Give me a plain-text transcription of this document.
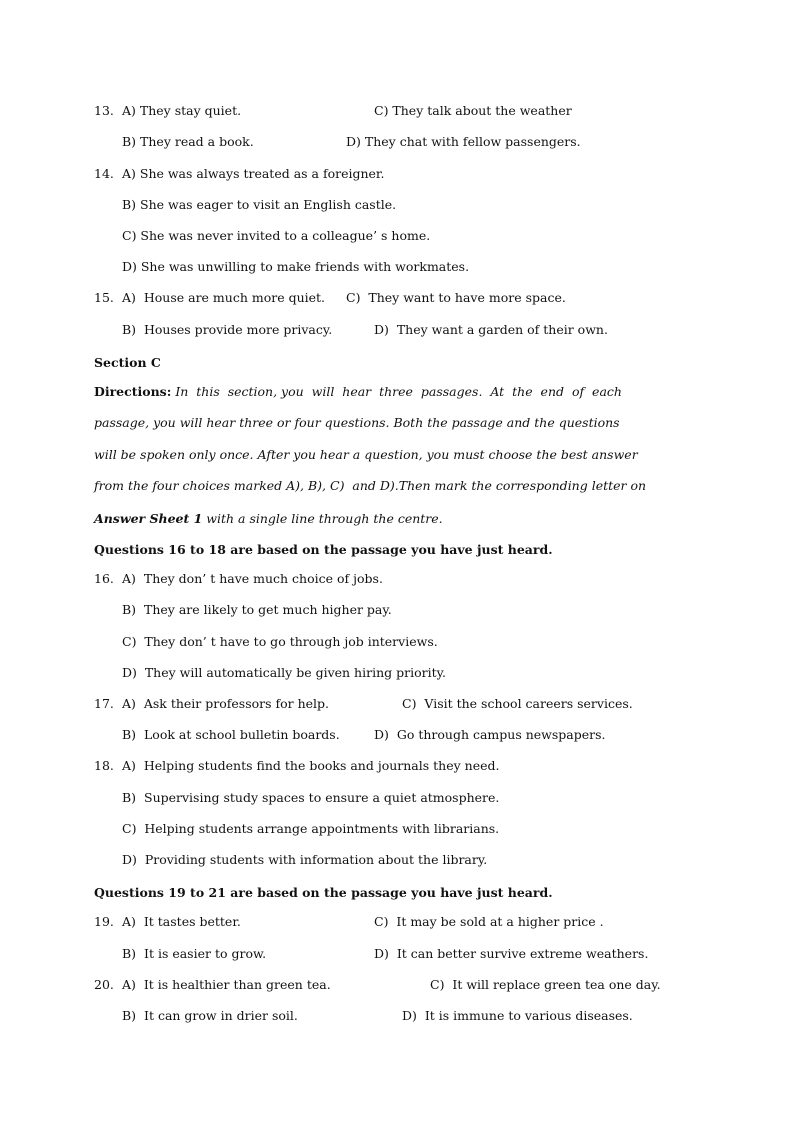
13. A) They stay quiet.	C) They talk about the weather
B) They read a book.	D) They chat with fellow passengers.
14. A) She was always treated as a foreigner.
B) She was eager to visit an English castle.
C) She was never invited to a colleague’ s home.
D) She was unwilling to make friends with workmates.
15. A)  House are much more quiet. C)  They want to have more space.
B)  Houses provide more privacy.	D)  They want a garden of their own.
Section C
Directions: In  this  section, you  will  hear  three  passages.  At  the  end  of  each
passage, you will hear three or four questions. Both the passage and the questions
will be spoken only once. After you hear a question, you must choose the best answer
from the four choices marked A), B), C)  and D).Then mark the corresponding letter on
Answer Sheet 1 with a single line through the centre.
Questions 16 to 18 are based on the passage you have just heard.
16. A)  They don’ t have much choice of jobs.
B)  They are likely to get much higher pay.
C)  They don’ t have to go through job interviews.
D)  They will automatically be given hiring priority.
17. A)  Ask their professors for help.	C)  Visit the school careers services.
B)  Look at school bulletin boards.	D)  Go through campus newspapers.
18. A)  Helping students find the books and journals they need.
B)  Supervising study spaces to ensure a quiet atmosphere.
C)  Helping students arrange appointments with librarians.
D)  Providing students with information about the library.
Questions 19 to 21 are based on the passage you have just heard.
19. A)  It tastes better.	C)  It may be sold at a higher price .
B)  It is easier to grow.	D)  It can better survive extreme weathers.
20. A)  It is healthier than green tea.	C)  It will replace green tea one day.
B)  It can grow in drier soil.	D)  It is immune to various diseases.
